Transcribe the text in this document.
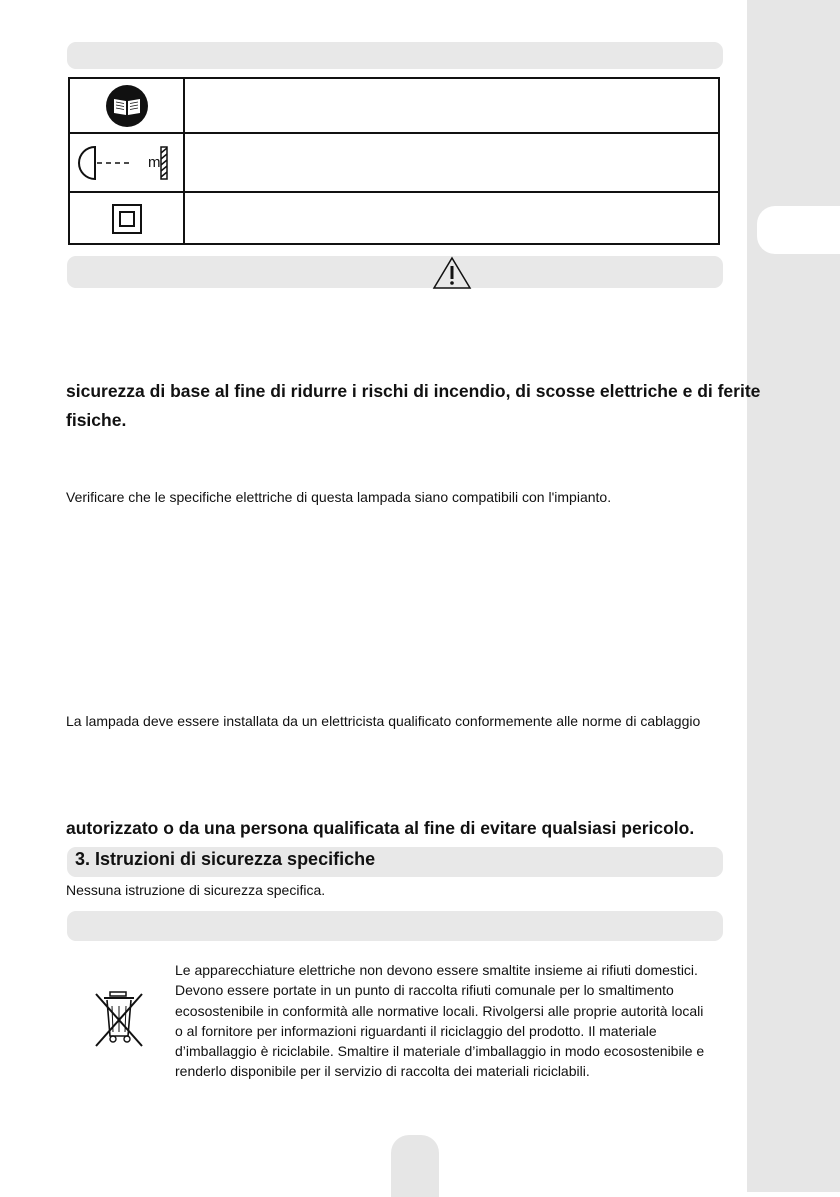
m
sicurezza di base al fine di ridurre i rischi di incendio, di scosse elettriche e di ferite
fisiche.
Verificare che le specifiche elettriche di questa lampada siano compatibili con l'impianto.
La lampada deve essere installata da un elettricista qualificato conformemente alle norme di cablaggio
autorizzato o da una persona qualificata al fine di evitare qualsiasi pericolo.
3. Istruzioni di sicurezza specifiche
Nessuna istruzione di sicurezza specifica.
Le apparecchiature elettriche non devono essere smaltite insieme ai rifiuti domestici.
Devono essere portate in un punto di raccolta rifiuti comunale per lo smaltimento
ecosostenibile in conformità alle normative locali. Rivolgersi alle proprie autorità locali
o al fornitore per informazioni riguardanti il riciclaggio del prodotto. Il materiale
d’imballaggio è riciclabile. Smaltire il materiale d’imballaggio in modo ecosostenibile e
renderlo disponibile per il servizio di raccolta dei materiali riciclabili.
